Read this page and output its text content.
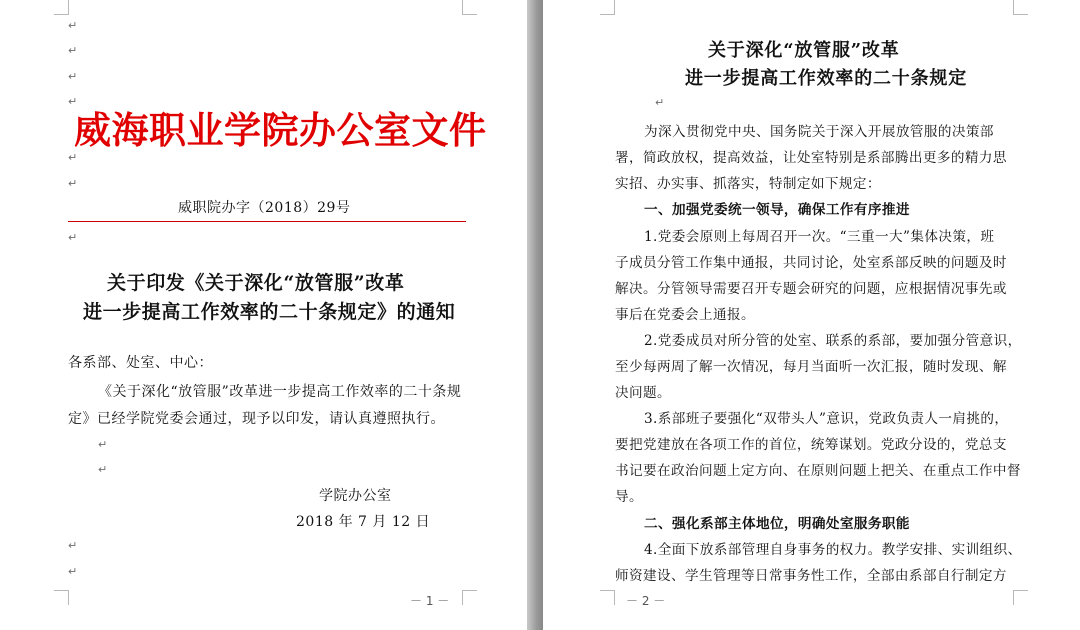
↵
↵
↵
↵
威海职业学院办公室文件
↵
↵
威职院办字（2018）29号
↵
关于印发《关于深化“放管服”改革
进一步提高工作效率的二十条规定》的通知
各系部、处室、中心：
《关于深化“放管服”改革进一步提高工作效率的二十条规
定》已经学院党委会通过，现予以印发，请认真遵照执行。
↵
↵
学院办公室
2018 年 7 月 12 日
↵
↵
－ 1 －
关于深化“放管服”改革
进一步提高工作效率的二十条规定
↵
为深入贯彻党中央、国务院关于深入开展放管服的决策部
署，简政放权，提高效益，让处室特别是系部腾出更多的精力思
实招、办实事、抓落实，特制定如下规定：
一、加强党委统一领导，确保工作有序推进
1.党委会原则上每周召开一次。“三重一大”集体决策，班
子成员分管工作集中通报，共同讨论，处室系部反映的问题及时
解决。分管领导需要召开专题会研究的问题，应根据情况事先或
事后在党委会上通报。
2.党委成员对所分管的处室、联系的系部，要加强分管意识，
至少每两周了解一次情况，每月当面听一次汇报，随时发现、解
决问题。
3.系部班子要强化“双带头人”意识，党政负责人一肩挑的，
要把党建放在各项工作的首位，统筹谋划。党政分设的，党总支
书记要在政治问题上定方向、在原则问题上把关、在重点工作中督
导。
二、强化系部主体地位，明确处室服务职能
4.全面下放系部管理自身事务的权力。教学安排、实训组织、
师资建设、学生管理等日常事务性工作，全部由系部自行制定方
－ 2 －
